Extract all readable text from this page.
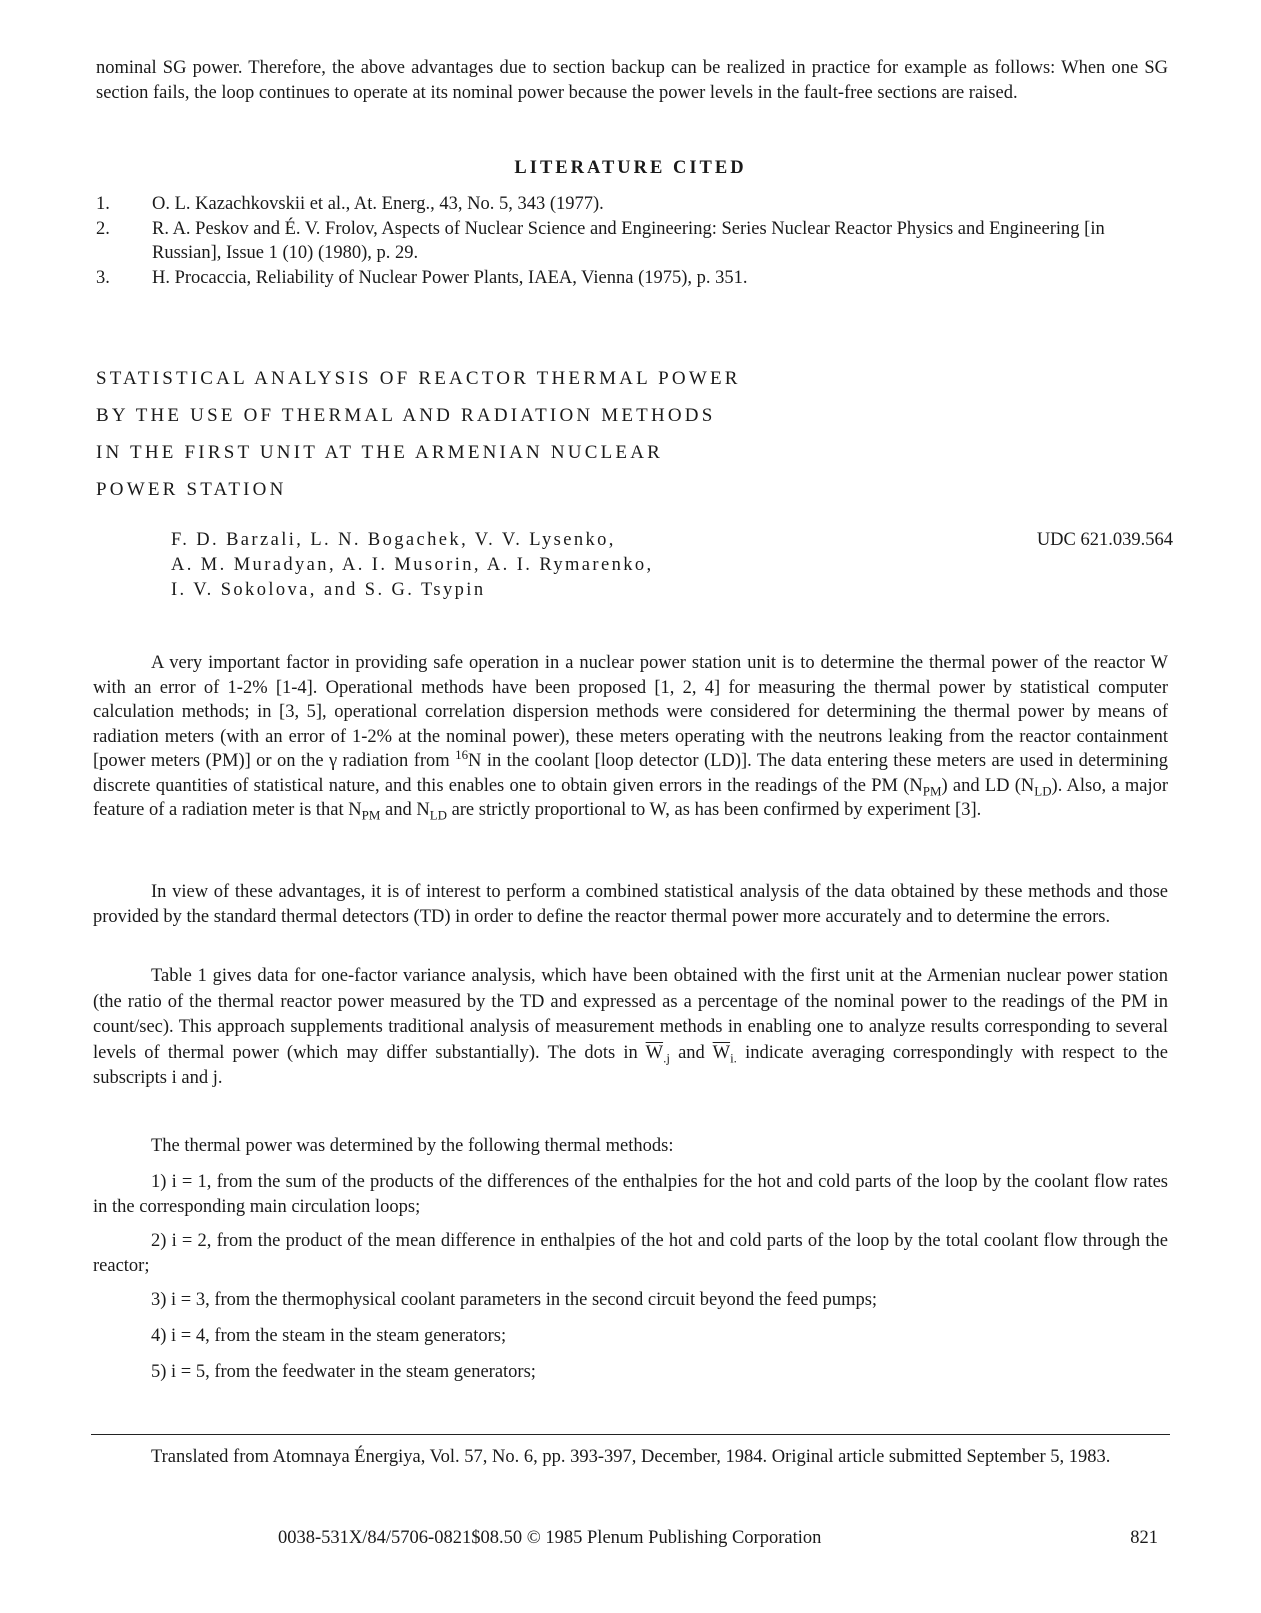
nominal SG power. Therefore, the above advantages due to section backup can be realized in practice for example as follows: When one SG section fails, the loop continues to operate at its nominal power because the power levels in the fault-free sections are raised.

LITERATURE CITED
1.	O. L. Kazachkovskii et al., At. Energ., 43, No. 5, 343 (1977).
2.	R. A. Peskov and É. V. Frolov, Aspects of Nuclear Science and Engineering: Series Nuclear Reactor Physics and Engineering [in Russian], Issue 1 (10) (1980), p. 29.
3.	H. Procaccia, Reliability of Nuclear Power Plants, IAEA, Vienna (1975), p. 351.
STATISTICAL ANALYSIS OF REACTOR THERMAL POWER
BY THE USE OF THERMAL AND RADIATION METHODS
IN THE FIRST UNIT AT THE ARMENIAN NUCLEAR
POWER STATION

F. D. Barzali, L. N. Bogachek, V. V. Lysenko,
A. M. Muradyan, A. I. Musorin, A. I. Rymarenko,
I. V. Sokolova, and S. G. Tsypin

UDC 621.039.564

A very important factor in providing safe operation in a nuclear power station unit is to determine the thermal power of the reactor W with an error of 1-2% [1-4]. Operational methods have been proposed [1, 2, 4] for measuring the thermal power by statistical computer calculation methods; in [3, 5], operational correlation dispersion methods were considered for determining the thermal power by means of radiation meters (with an error of 1-2% at the nominal power), these meters operating with the neutrons leaking from the reactor containment [power meters (PM)] or on the γ radiation from $^{16}$N in the coolant [loop detector (LD)]. The data entering these meters are used in determining discrete quantities of statistical nature, and this enables one to obtain given errors in the readings of the PM $(N_{PM})$ and LD $(N_{LD})$. Also, a major feature of a radiation meter is that $N_{PM}$ and $N_{LD}$ are strictly proportional to W, as has been confirmed by experiment [3].

In view of these advantages, it is of interest to perform a combined statistical analysis of the data obtained by these methods and those provided by the standard thermal detectors (TD) in order to define the reactor thermal power more accurately and to determine the errors.

Table 1 gives data for one-factor variance analysis, which have been obtained with the first unit at the Armenian nuclear power station (the ratio of the thermal reactor power measured by the TD and expressed as a percentage of the nominal power to the readings of the PM in count/sec). This approach supplements traditional analysis of measurement methods in enabling one to analyze results corresponding to several levels of thermal power (which may differ substantially). The dots in $\overline{W}_{.j}$ and $\overline{W}_{i.}$ indicate averaging correspondingly with respect to the subscripts i and j.

The thermal power was determined by the following thermal methods:

1) i = 1, from the sum of the products of the differences of the enthalpies for the hot and cold parts of the loop by the coolant flow rates in the corresponding main circulation loops;

2) i = 2, from the product of the mean difference in enthalpies of the hot and cold parts of the loop by the total coolant flow through the reactor;

3) i = 3, from the thermophysical coolant parameters in the second circuit beyond the feed pumps;

4) i = 4, from the steam in the steam generators;

5) i = 5, from the feedwater in the steam generators;

Translated from Atomnaya Énergiya, Vol. 57, No. 6, pp. 393-397, December, 1984. Original article submitted September 5, 1983.

0038-531X/84/5706-0821$08.50 © 1985 Plenum Publishing Corporation	821
